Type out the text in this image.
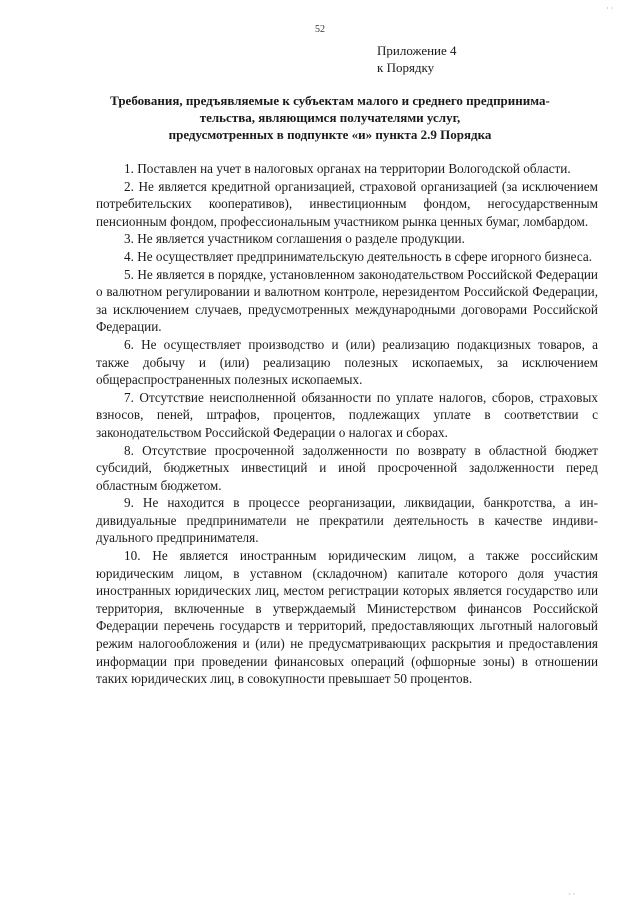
52
Приложение 4
к Порядку
Требования, предъявляемые к субъектам малого и среднего предпринима-
тельства, являющимся получателями услуг,
предусмотренных в подпункте «и» пункта 2.9 Порядка

1. Поставлен на учет в налоговых органах на территории Вологодской области.

2. Не является кредитной организацией, страховой организацией (за исключением потребительских кооперативов), инвестиционным фондом, негосударственным пенсионным фондом, профессиональным участником рынка ценных бумаг, ломбардом.

3. Не является участником соглашения о разделе продукции.

4. Не осуществляет предпринимательскую деятельность в сфере игорного бизнеса.

5. Не является в порядке, установленном законодательством Российской Федерации о валютном регулировании и валютном контроле, нерезидентом Российской Федерации, за исключением случаев, предусмотренных международными договорами Российской Федерации.

6. Не осуществляет производство и (или) реализацию подакцизных товаров, а также добычу и (или) реализацию полезных ископаемых, за исключением общераспространенных полезных ископаемых.

7. Отсутствие неисполненной обязанности по уплате налогов, сборов, страховых взносов, пеней, штрафов, процентов, подлежащих уплате в соответствии с законодательством Российской Федерации о налогах и сборах.

8. Отсутствие просроченной задолженности по возврату в областной бюджет субсидий, бюджетных инвестиций и иной просроченной задолженности перед областным бюджетом.

9. Не находится в процессе реорганизации, ликвидации, банкротства, а индивидуальные предприниматели не прекратили деятельность в качестве индивидуального предпринимателя.

10. Не является иностранным юридическим лицом, а также российским юридическим лицом, в уставном (складочном) капитале которого доля участия иностранных юридических лиц, местом регистрации которых является государство или территория, включенные в утверждаемый Министерством финансов Российской Федерации перечень государств и территорий, предоставляющих льготный налоговый режим налогообложения и (или) не предусматривающих раскрытия и предоставления информации при проведении финансовых операций (офшорные зоны) в отношении таких юридических лиц, в совокупности превышает 50 процентов.

· ·
· ·
